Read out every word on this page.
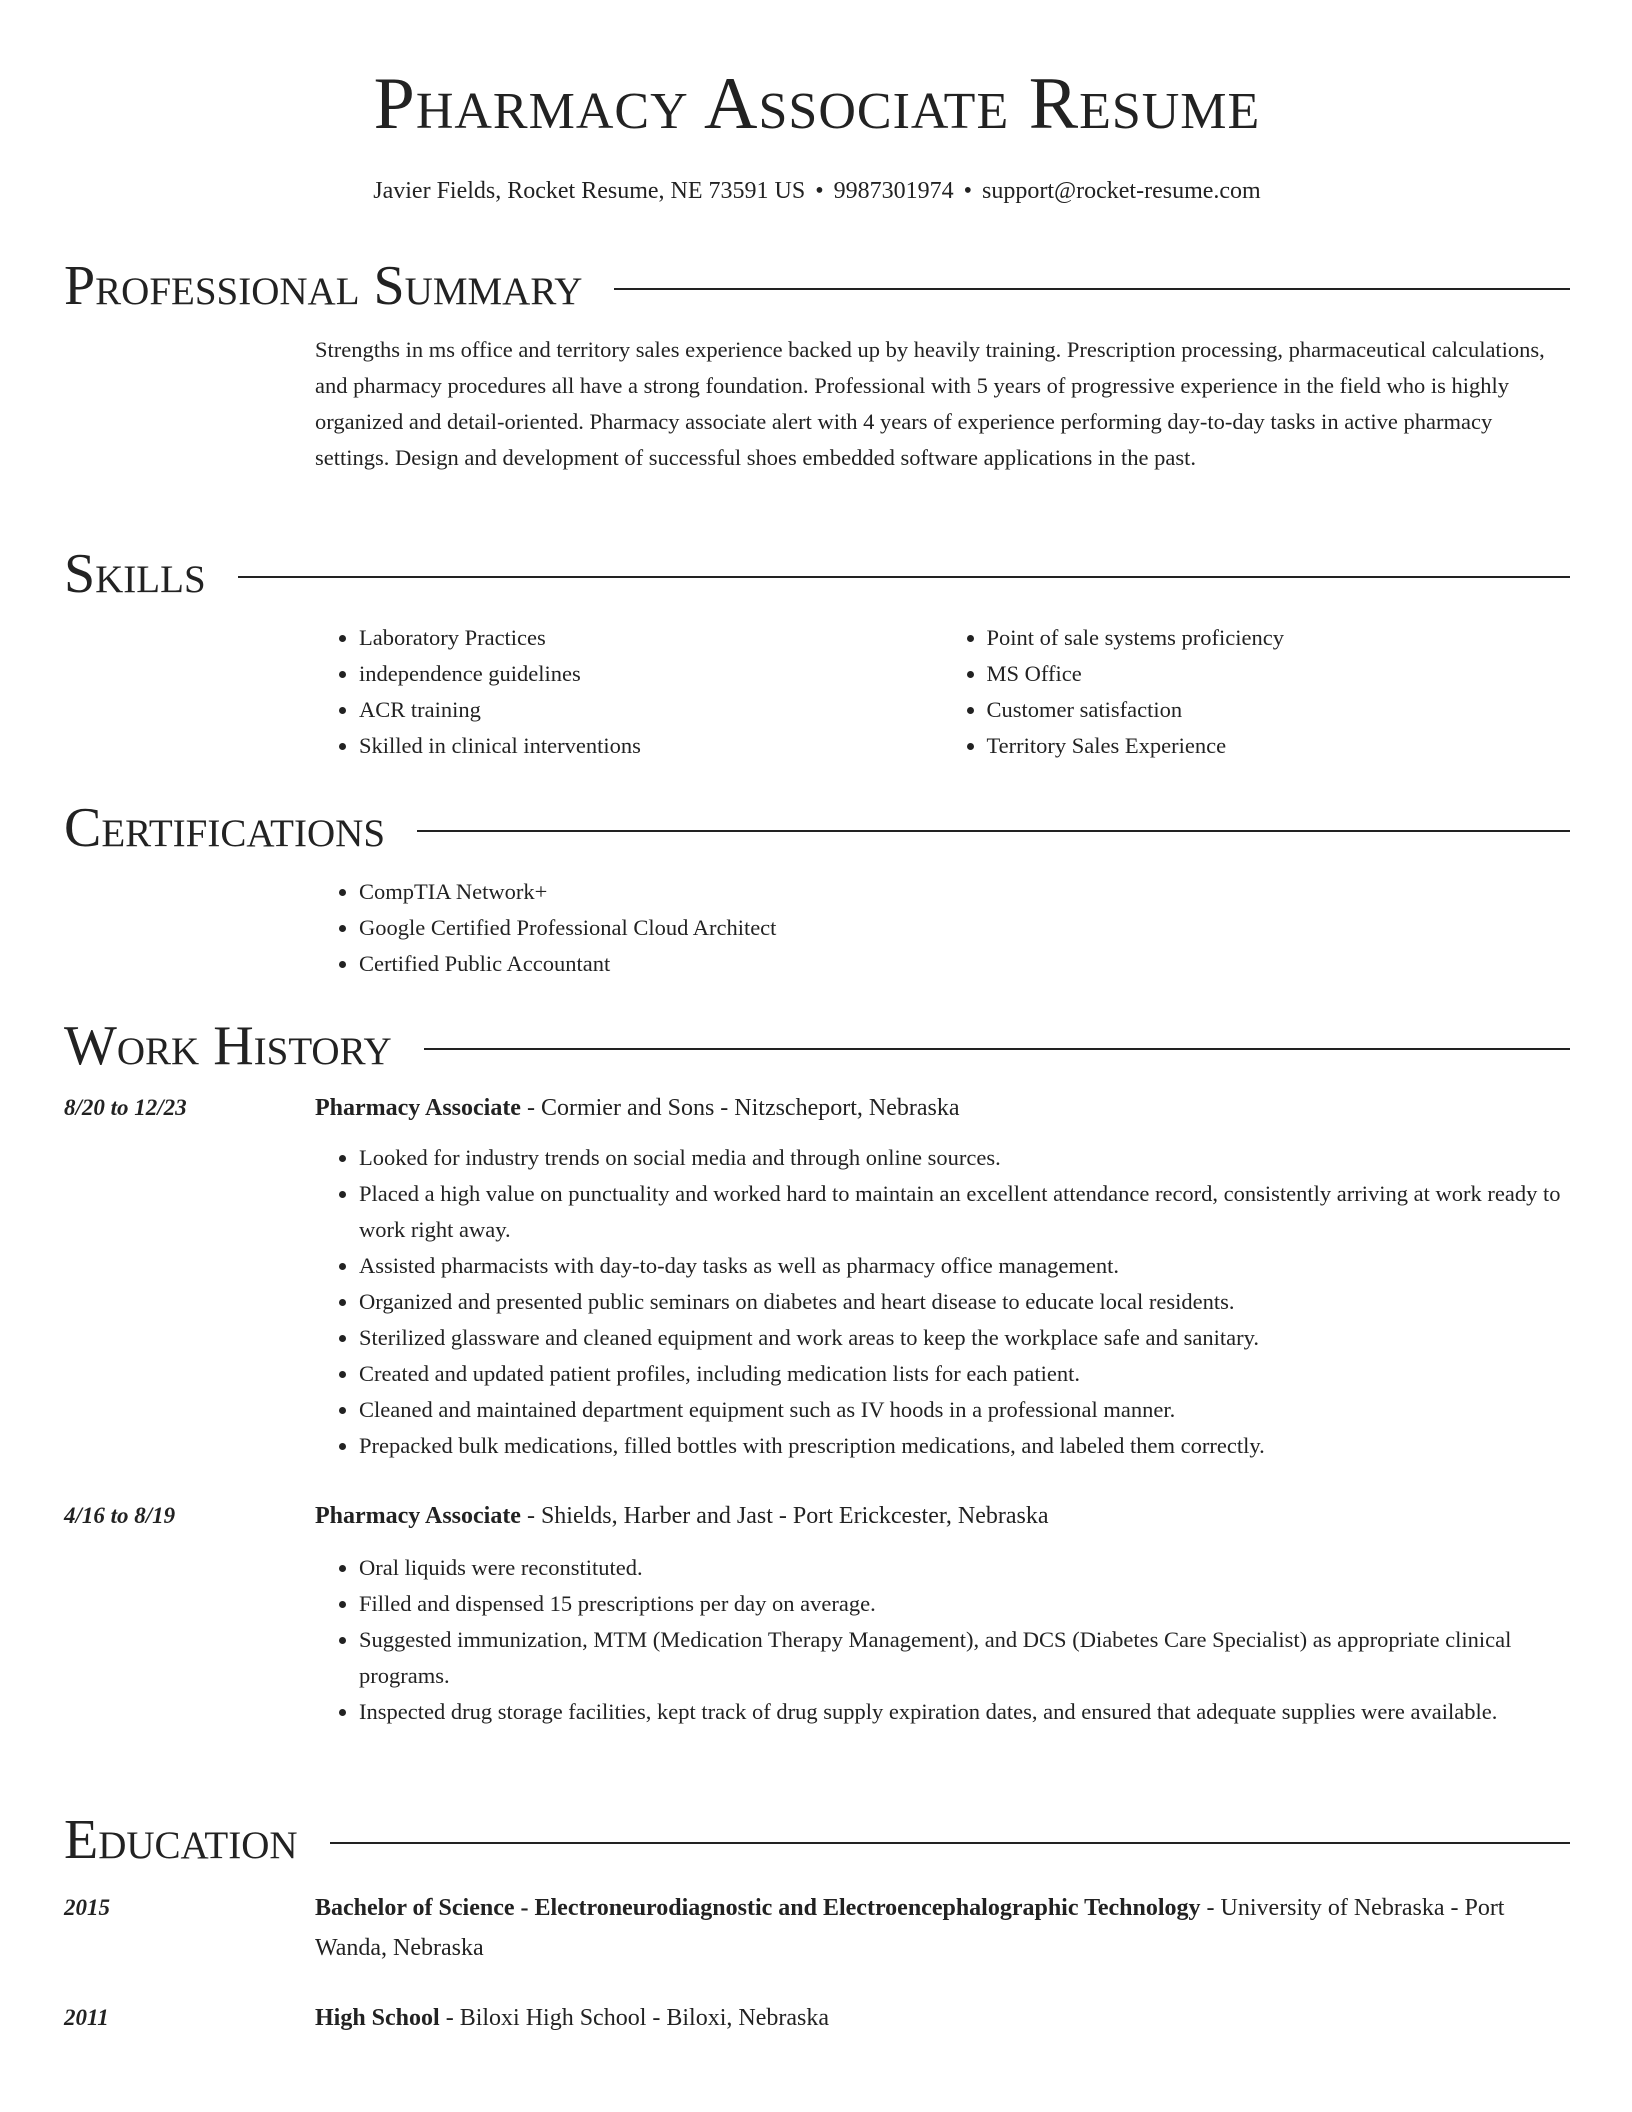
Pharmacy Associate Resume
Javier Fields, Rocket Resume, NE 73591 US • 9987301974 • support@rocket-resume.com
Professional Summary
Strengths in ms office and territory sales experience backed up by heavily training. Prescription processing, pharmaceutical calculations, and pharmacy procedures all have a strong foundation. Professional with 5 years of progressive experience in the field who is highly organized and detail-oriented. Pharmacy associate alert with 4 years of experience performing day-to-day tasks in active pharmacy settings. Design and development of successful shoes embedded software applications in the past.
Skills
• Laboratory Practices
• independence guidelines
• ACR training
• Skilled in clinical interventions
• Point of sale systems proficiency
• MS Office
• Customer satisfaction
• Territory Sales Experience
Certifications
• CompTIA Network+
• Google Certified Professional Cloud Architect
• Certified Public Accountant
Work History
8/20 to 12/23	Pharmacy Associate - Cormier and Sons - Nitzscheport, Nebraska
• Looked for industry trends on social media and through online sources.
• Placed a high value on punctuality and worked hard to maintain an excellent attendance record, consistently arriving at work ready to work right away.
• Assisted pharmacists with day-to-day tasks as well as pharmacy office management.
• Organized and presented public seminars on diabetes and heart disease to educate local residents.
• Sterilized glassware and cleaned equipment and work areas to keep the workplace safe and sanitary.
• Created and updated patient profiles, including medication lists for each patient.
• Cleaned and maintained department equipment such as IV hoods in a professional manner.
• Prepacked bulk medications, filled bottles with prescription medications, and labeled them correctly.
4/16 to 8/19	Pharmacy Associate - Shields, Harber and Jast - Port Erickcester, Nebraska
• Oral liquids were reconstituted.
• Filled and dispensed 15 prescriptions per day on average.
• Suggested immunization, MTM (Medication Therapy Management), and DCS (Diabetes Care Specialist) as appropriate clinical programs.
• Inspected drug storage facilities, kept track of drug supply expiration dates, and ensured that adequate supplies were available.
Education
2015	Bachelor of Science - Electroneurodiagnostic and Electroencephalographic Technology - University of Nebraska - Port Wanda, Nebraska
2011	High School - Biloxi High School - Biloxi, Nebraska
